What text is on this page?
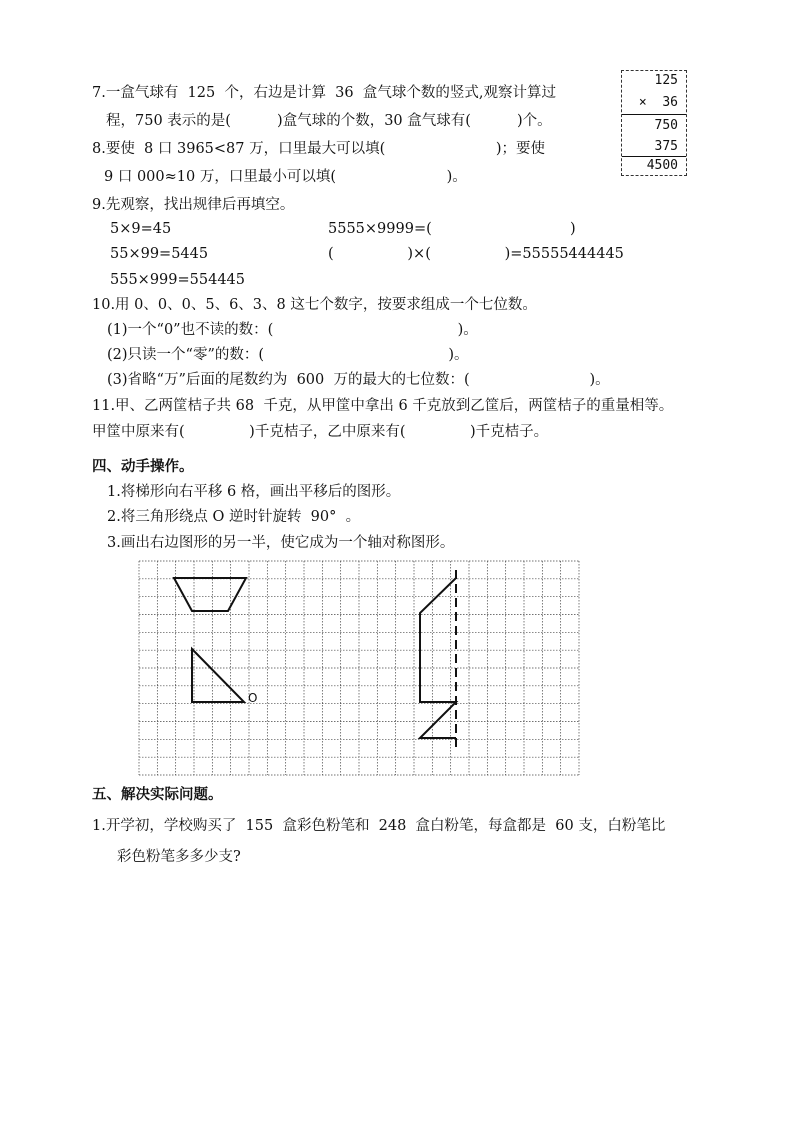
7.一盒气球有  125  个，右边是计算  36  盒气球个数的竖式,观察计算过
程，750 表示的是(          )盒气球的个数，30 盒气球有(          )个。
125
×  36
750
375
4500
8.要使  8 口 3965<87 万，口里最大可以填(                        )；要使
9 口 000≈10 万，口里最小可以填(                        )。
9.先观察，找出规律后再填空。
5×9=45	5555×9999=(                              )
55×99=5445	(                )×(                )=55555444445
555×999=554445
10.用 0、0、0、5、6、3、8 这七个数字，按要求组成一个七位数。
(1)一个“0”也不读的数：(                                        )。
(2)只读一个“零”的数：(                                        )。
(3)省略“万”后面的尾数约为  600  万的最大的七位数：(                          )。
11.甲、乙两筐桔子共 68  千克，从甲筐中拿出 6 千克放到乙筐后，两筐桔子的重量相等。
甲筐中原来有(              )千克桔子，乙中原来有(              )千克桔子。
四、动手操作。
1.将梯形向右平移 6 格，画出平移后的图形。
2.将三角形绕点 O 逆时针旋转  90°  。
3.画出右边图形的另一半，使它成为一个轴对称图形。
O
五、解决实际问题。
1.开学初，学校购买了  155  盒彩色粉笔和  248  盒白粉笔，每盒都是  60 支，白粉笔比
彩色粉笔多多少支?
